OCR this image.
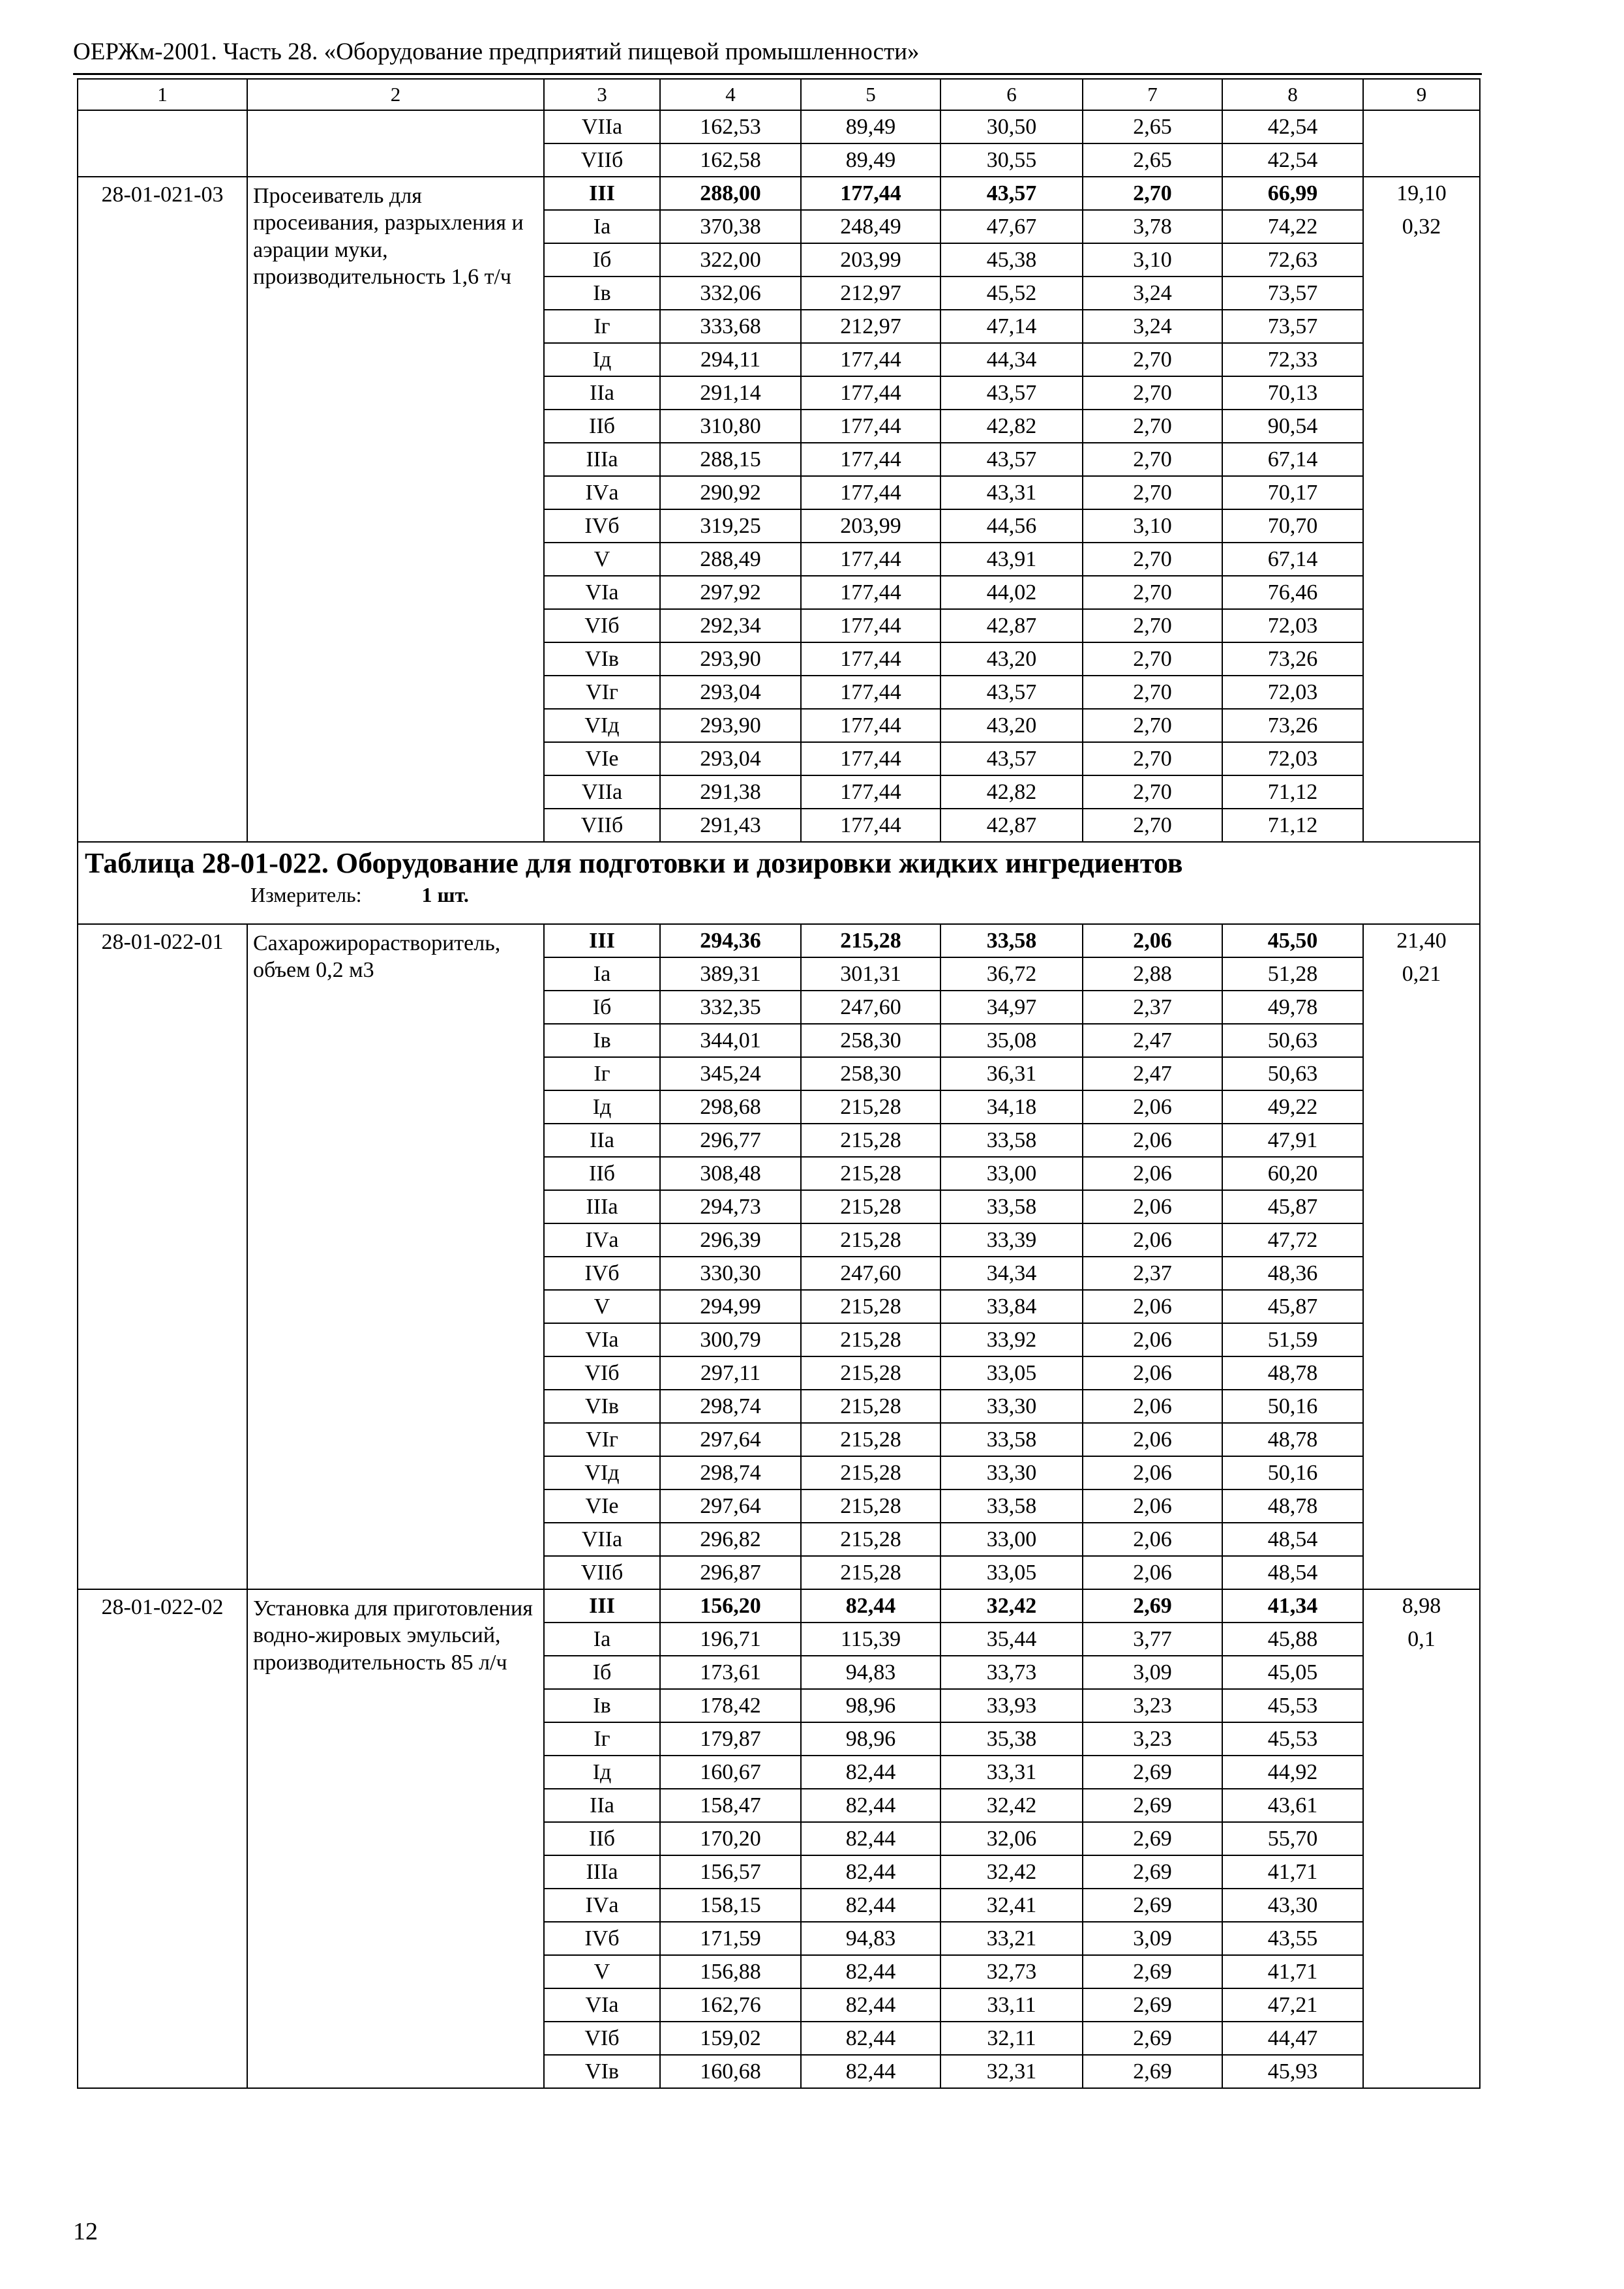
ОЕРЖм-2001. Часть 28. «Оборудование предприятий пищевой промышленности»
1	2	3	4	5	6	7	8	9
		VIIа	162,53	89,49	30,50	2,65	42,54	
		VIIб	162,58	89,49	30,55	2,65	42,54	
28-01-021-03	Просеиватель для просеивания, разрыхления и аэрации муки, производительность 1,6 т/ч	III	288,00	177,44	43,57	2,70	66,99	19,10
		Iа	370,38	248,49	47,67	3,78	74,22	0,32
		Iб	322,00	203,99	45,38	3,10	72,63	
		Iв	332,06	212,97	45,52	3,24	73,57	
		Iг	333,68	212,97	47,14	3,24	73,57	
		Iд	294,11	177,44	44,34	2,70	72,33	
		IIа	291,14	177,44	43,57	2,70	70,13	
		IIб	310,80	177,44	42,82	2,70	90,54	
		IIIа	288,15	177,44	43,57	2,70	67,14	
		IVа	290,92	177,44	43,31	2,70	70,17	
		IVб	319,25	203,99	44,56	3,10	70,70	
		V	288,49	177,44	43,91	2,70	67,14	
		VIа	297,92	177,44	44,02	2,70	76,46	
		VIб	292,34	177,44	42,87	2,70	72,03	
		VIв	293,90	177,44	43,20	2,70	73,26	
		VIг	293,04	177,44	43,57	2,70	72,03	
		VIд	293,90	177,44	43,20	2,70	73,26	
		VIе	293,04	177,44	43,57	2,70	72,03	
		VIIа	291,38	177,44	42,82	2,70	71,12	
		VIIб	291,43	177,44	42,87	2,70	71,12	

Таблица 28-01-022. Оборудование для подготовки и дозировки жидких ингредиентов
Измеритель: 1 шт.								

28-01-022-01	Сахарожирорастворитель, объем 0,2 м3	III	294,36	215,28	33,58	2,06	45,50	21,40
		Iа	389,31	301,31	36,72	2,88	51,28	0,21
		Iб	332,35	247,60	34,97	2,37	49,78	
		Iв	344,01	258,30	35,08	2,47	50,63	
		Iг	345,24	258,30	36,31	2,47	50,63	
		Iд	298,68	215,28	34,18	2,06	49,22	
		IIа	296,77	215,28	33,58	2,06	47,91	
		IIб	308,48	215,28	33,00	2,06	60,20	
		IIIа	294,73	215,28	33,58	2,06	45,87	
		IVа	296,39	215,28	33,39	2,06	47,72	
		IVб	330,30	247,60	34,34	2,37	48,36	
		V	294,99	215,28	33,84	2,06	45,87	
		VIа	300,79	215,28	33,92	2,06	51,59	
		VIб	297,11	215,28	33,05	2,06	48,78	
		VIв	298,74	215,28	33,30	2,06	50,16	
		VIг	297,64	215,28	33,58	2,06	48,78	
		VIд	298,74	215,28	33,30	2,06	50,16	
		VIе	297,64	215,28	33,58	2,06	48,78	
		VIIа	296,82	215,28	33,00	2,06	48,54	
		VIIб	296,87	215,28	33,05	2,06	48,54	
28-01-022-02	Установка для приготовления водно-жировых эмульсий, производительность 85 л/ч	III	156,20	82,44	32,42	2,69	41,34	8,98
		Iа	196,71	115,39	35,44	3,77	45,88	0,1
		Iб	173,61	94,83	33,73	3,09	45,05	
		Iв	178,42	98,96	33,93	3,23	45,53	
		Iг	179,87	98,96	35,38	3,23	45,53	
		Iд	160,67	82,44	33,31	2,69	44,92	
		IIа	158,47	82,44	32,42	2,69	43,61	
		IIб	170,20	82,44	32,06	2,69	55,70	
		IIIа	156,57	82,44	32,42	2,69	41,71	
		IVа	158,15	82,44	32,41	2,69	43,30	
		IVб	171,59	94,83	33,21	3,09	43,55	
		V	156,88	82,44	32,73	2,69	41,71	
		VIа	162,76	82,44	33,11	2,69	47,21	
		VIб	159,02	82,44	32,11	2,69	44,47	
		VIв	160,68	82,44	32,31	2,69	45,93	
12
